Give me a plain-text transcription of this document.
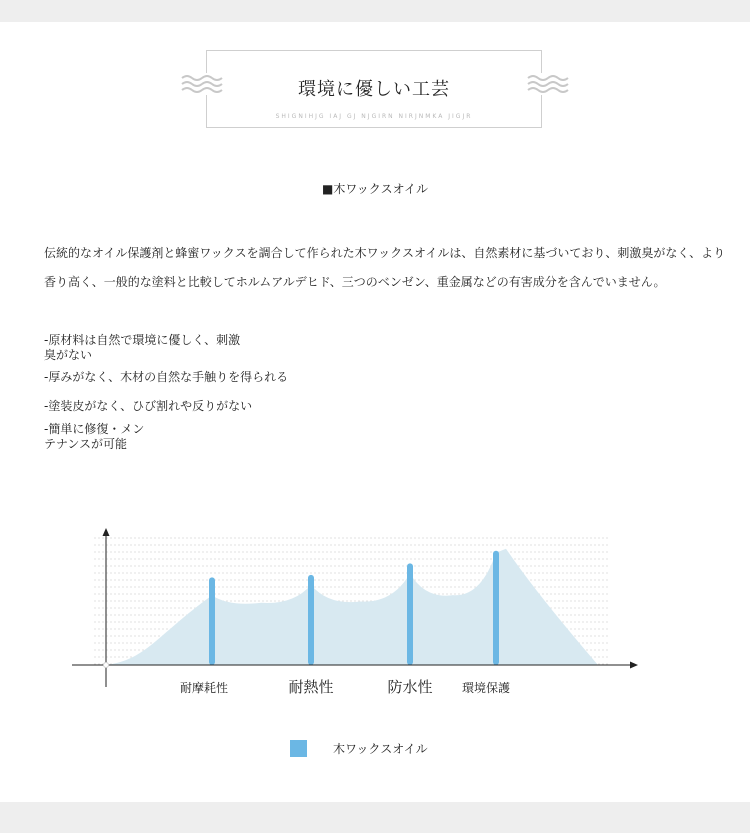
環境に優しい工芸
SHIGNIHJG IAJ GJ NJGIRN NIRJNMKA JIGJR
■木ワックスオイル
伝統的なオイル保護剤と蜂蜜ワックスを調合して作られた木ワックスオイルは、自然素材に基づいており、刺激臭がなく、より
香り高く、一般的な塗料と比較してホルムアルデヒド、三つのベンゼン、重金属などの有害成分を含んでいません。
-原材料は自然で環境に優しく、刺激臭がない
-厚みがなく、木材の自然な手触りを得られる
-塗装皮がなく、ひび割れや反りがない
-簡単に修復・メンテナンスが可能
耐摩耗性	耐熱性	防水性 環境保護
木ワックスオイル
